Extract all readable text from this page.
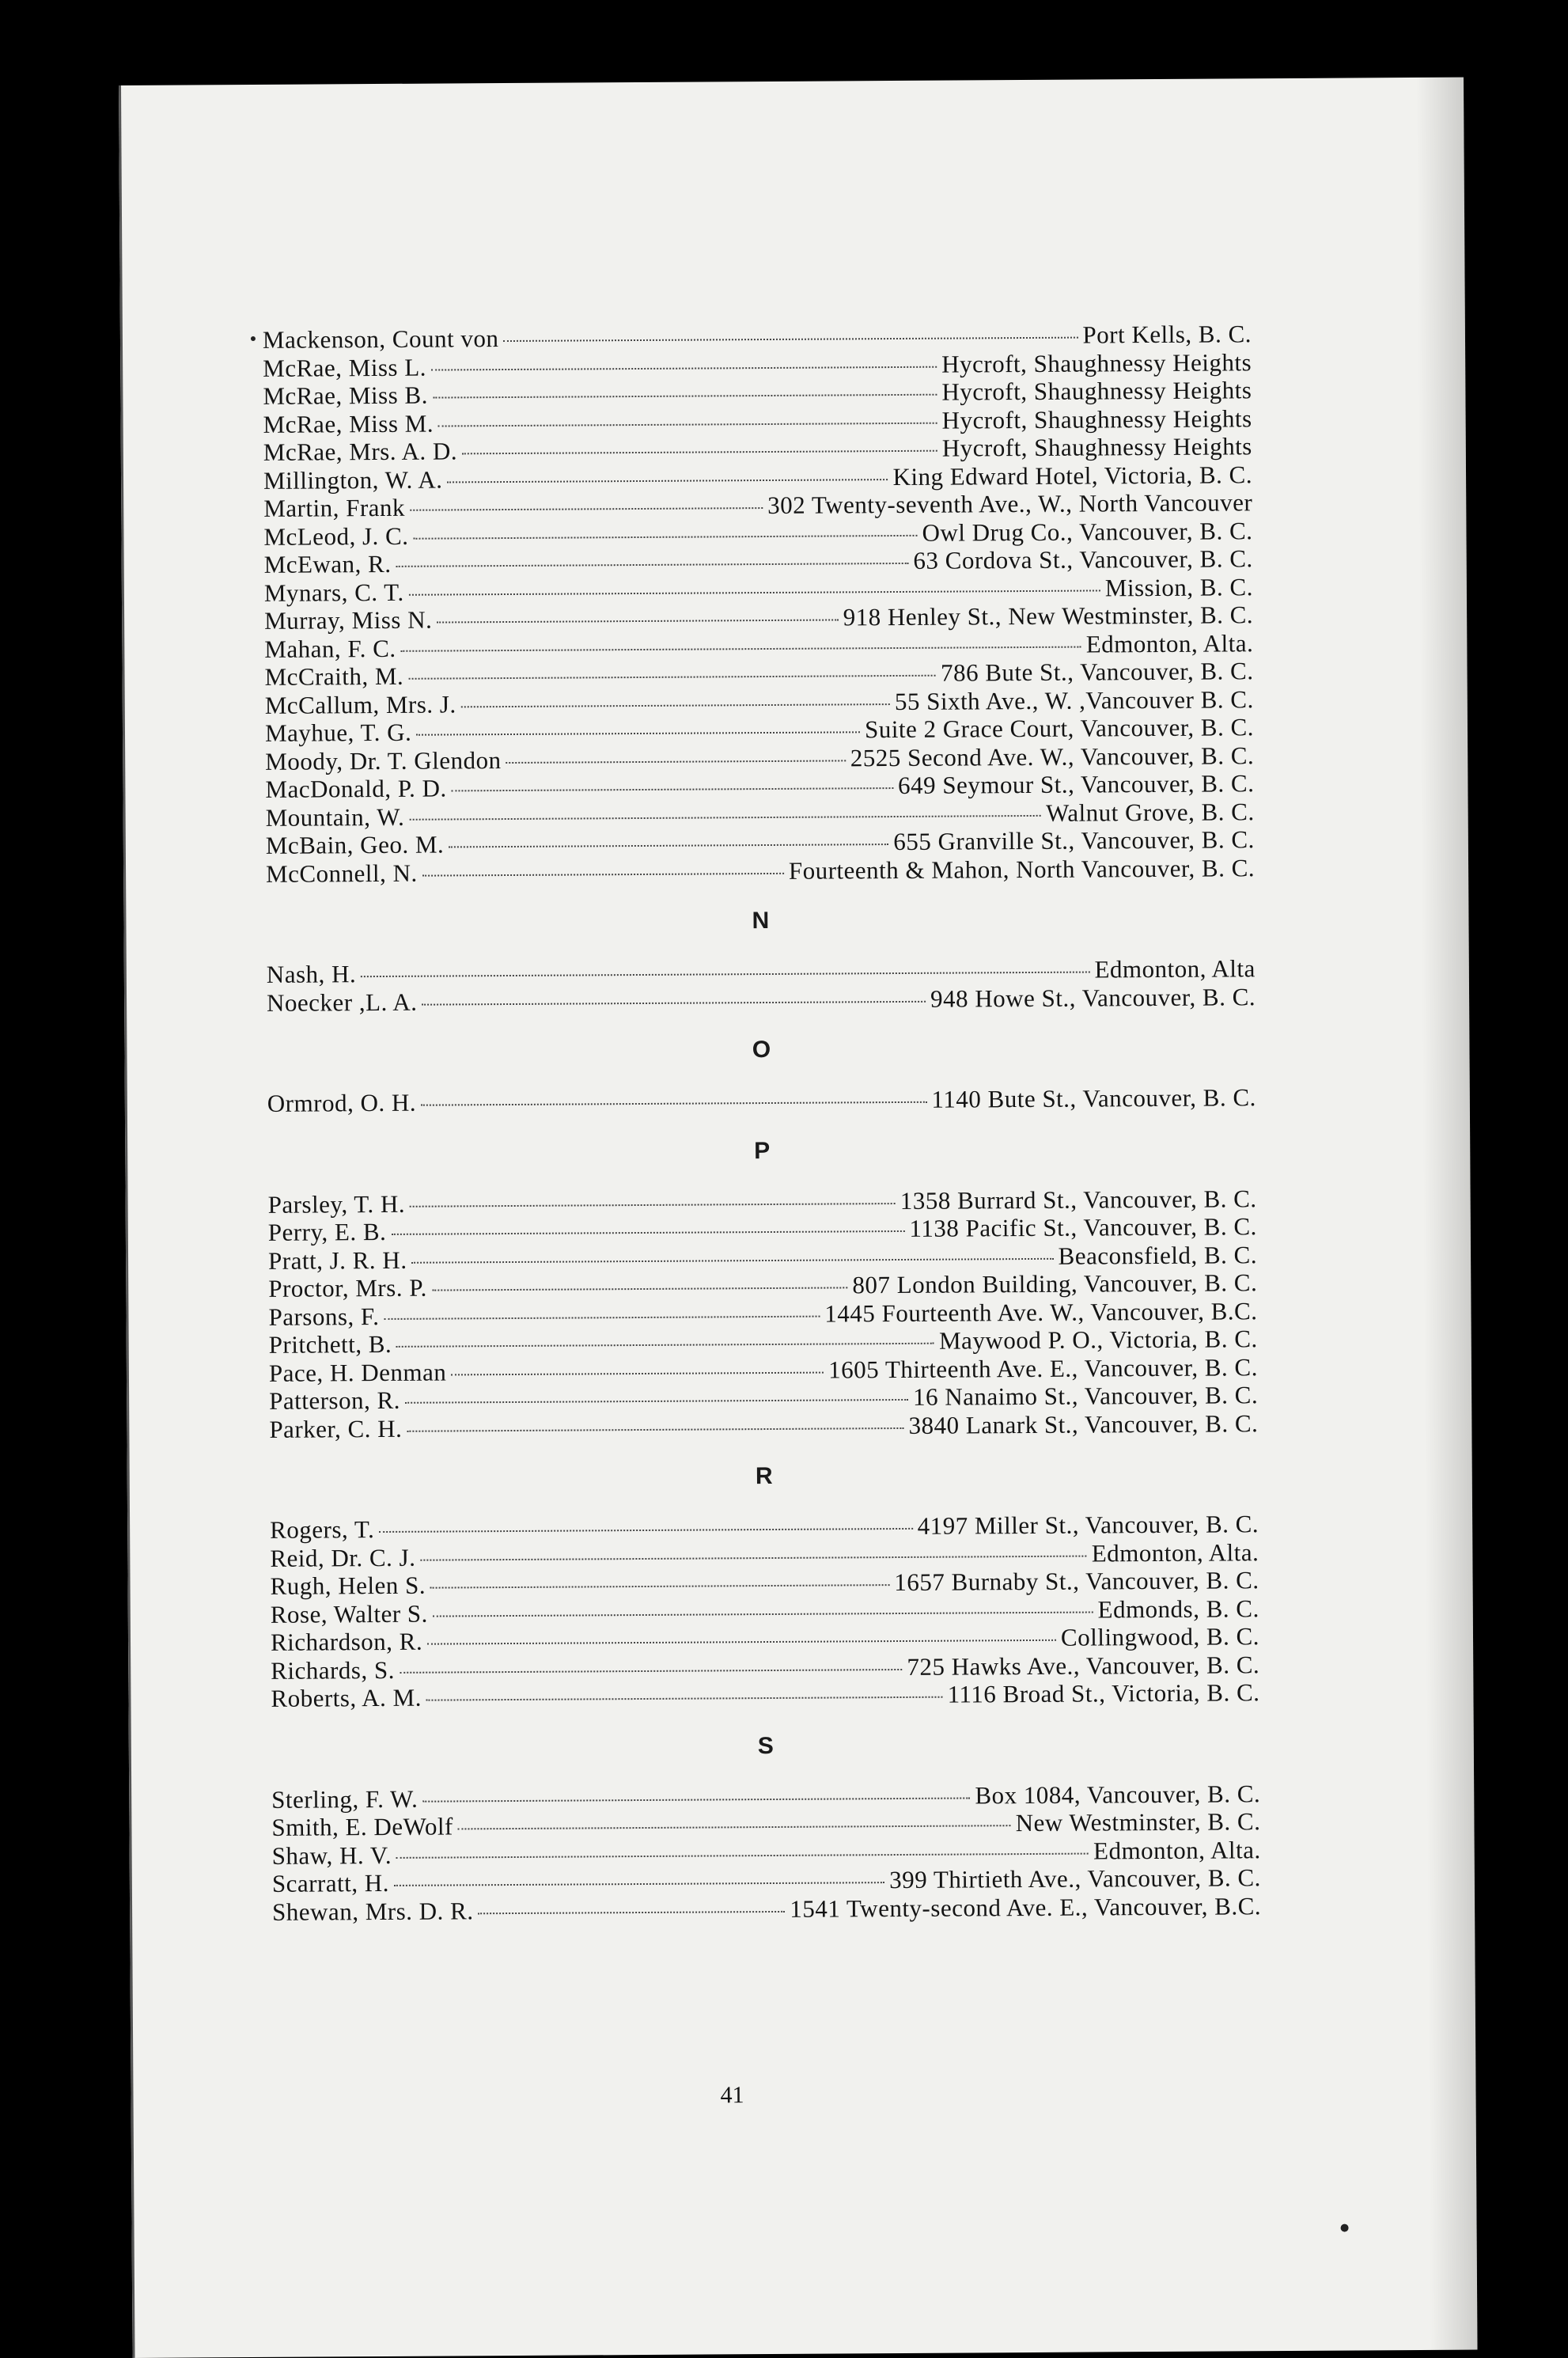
Mackenson, Count von	Port Kells, B. C.
McRae, Miss L.	Hycroft, Shaughnessy Heights
McRae, Miss B.	Hycroft, Shaughnessy Heights
McRae, Miss M.	Hycroft, Shaughnessy Heights
McRae, Mrs. A. D.	Hycroft, Shaughnessy Heights
Millington, W. A.	King Edward Hotel, Victoria, B. C.
Martin, Frank	302 Twenty-seventh Ave., W., North Vancouver
McLeod, J. C.	Owl Drug Co., Vancouver, B. C.
McEwan, R.	63 Cordova St., Vancouver, B. C.
Mynars, C. T.	Mission, B. C.
Murray, Miss N.	918 Henley St., New Westminster, B. C.
Mahan, F. C.	Edmonton, Alta.
McCraith, M.	786 Bute St., Vancouver, B. C.
McCallum, Mrs. J.	55 Sixth Ave., W. ,Vancouver B. C.
Mayhue, T. G.	Suite 2 Grace Court, Vancouver, B. C.
Moody, Dr. T. Glendon	2525 Second Ave. W., Vancouver, B. C.
MacDonald, P. D.	649 Seymour St., Vancouver, B. C.
Mountain, W.	Walnut Grove, B. C.
McBain, Geo. M.	655 Granville St., Vancouver, B. C.
McConnell, N.	Fourteenth & Mahon, North Vancouver, B. C.
N
Nash, H.	Edmonton, Alta
Noecker ,L. A.	948 Howe St., Vancouver, B. C.
O
Ormrod, O. H.	1140 Bute St., Vancouver, B. C.
P
Parsley, T. H.	1358 Burrard St., Vancouver, B. C.
Perry, E. B.	1138 Pacific St., Vancouver, B. C.
Pratt, J. R. H.	Beaconsfield, B. C.
Proctor, Mrs. P.	807 London Building, Vancouver, B. C.
Parsons, F.	1445 Fourteenth Ave. W., Vancouver, B.C.
Pritchett, B.	Maywood P. O., Victoria, B. C.
Pace, H. Denman	1605 Thirteenth Ave. E., Vancouver, B. C.
Patterson, R.	16 Nanaimo St., Vancouver, B. C.
Parker, C. H.	3840 Lanark St., Vancouver, B. C.
R
Rogers, T.	4197 Miller St., Vancouver, B. C.
Reid, Dr. C. J.	Edmonton, Alta.
Rugh, Helen S.	1657 Burnaby St., Vancouver, B. C.
Rose, Walter S.	Edmonds, B. C.
Richardson, R.	Collingwood, B. C.
Richards, S.	725 Hawks Ave., Vancouver, B. C.
Roberts, A. M.	1116 Broad St., Victoria, B. C.
S
Sterling, F. W.	Box 1084, Vancouver, B. C.
Smith, E. DeWolf	New Westminster, B. C.
Shaw, H. V.	Edmonton, Alta.
Scarratt, H.	399 Thirtieth Ave., Vancouver, B. C.
Shewan, Mrs. D. R.	1541 Twenty-second Ave. E., Vancouver, B.C.
41
